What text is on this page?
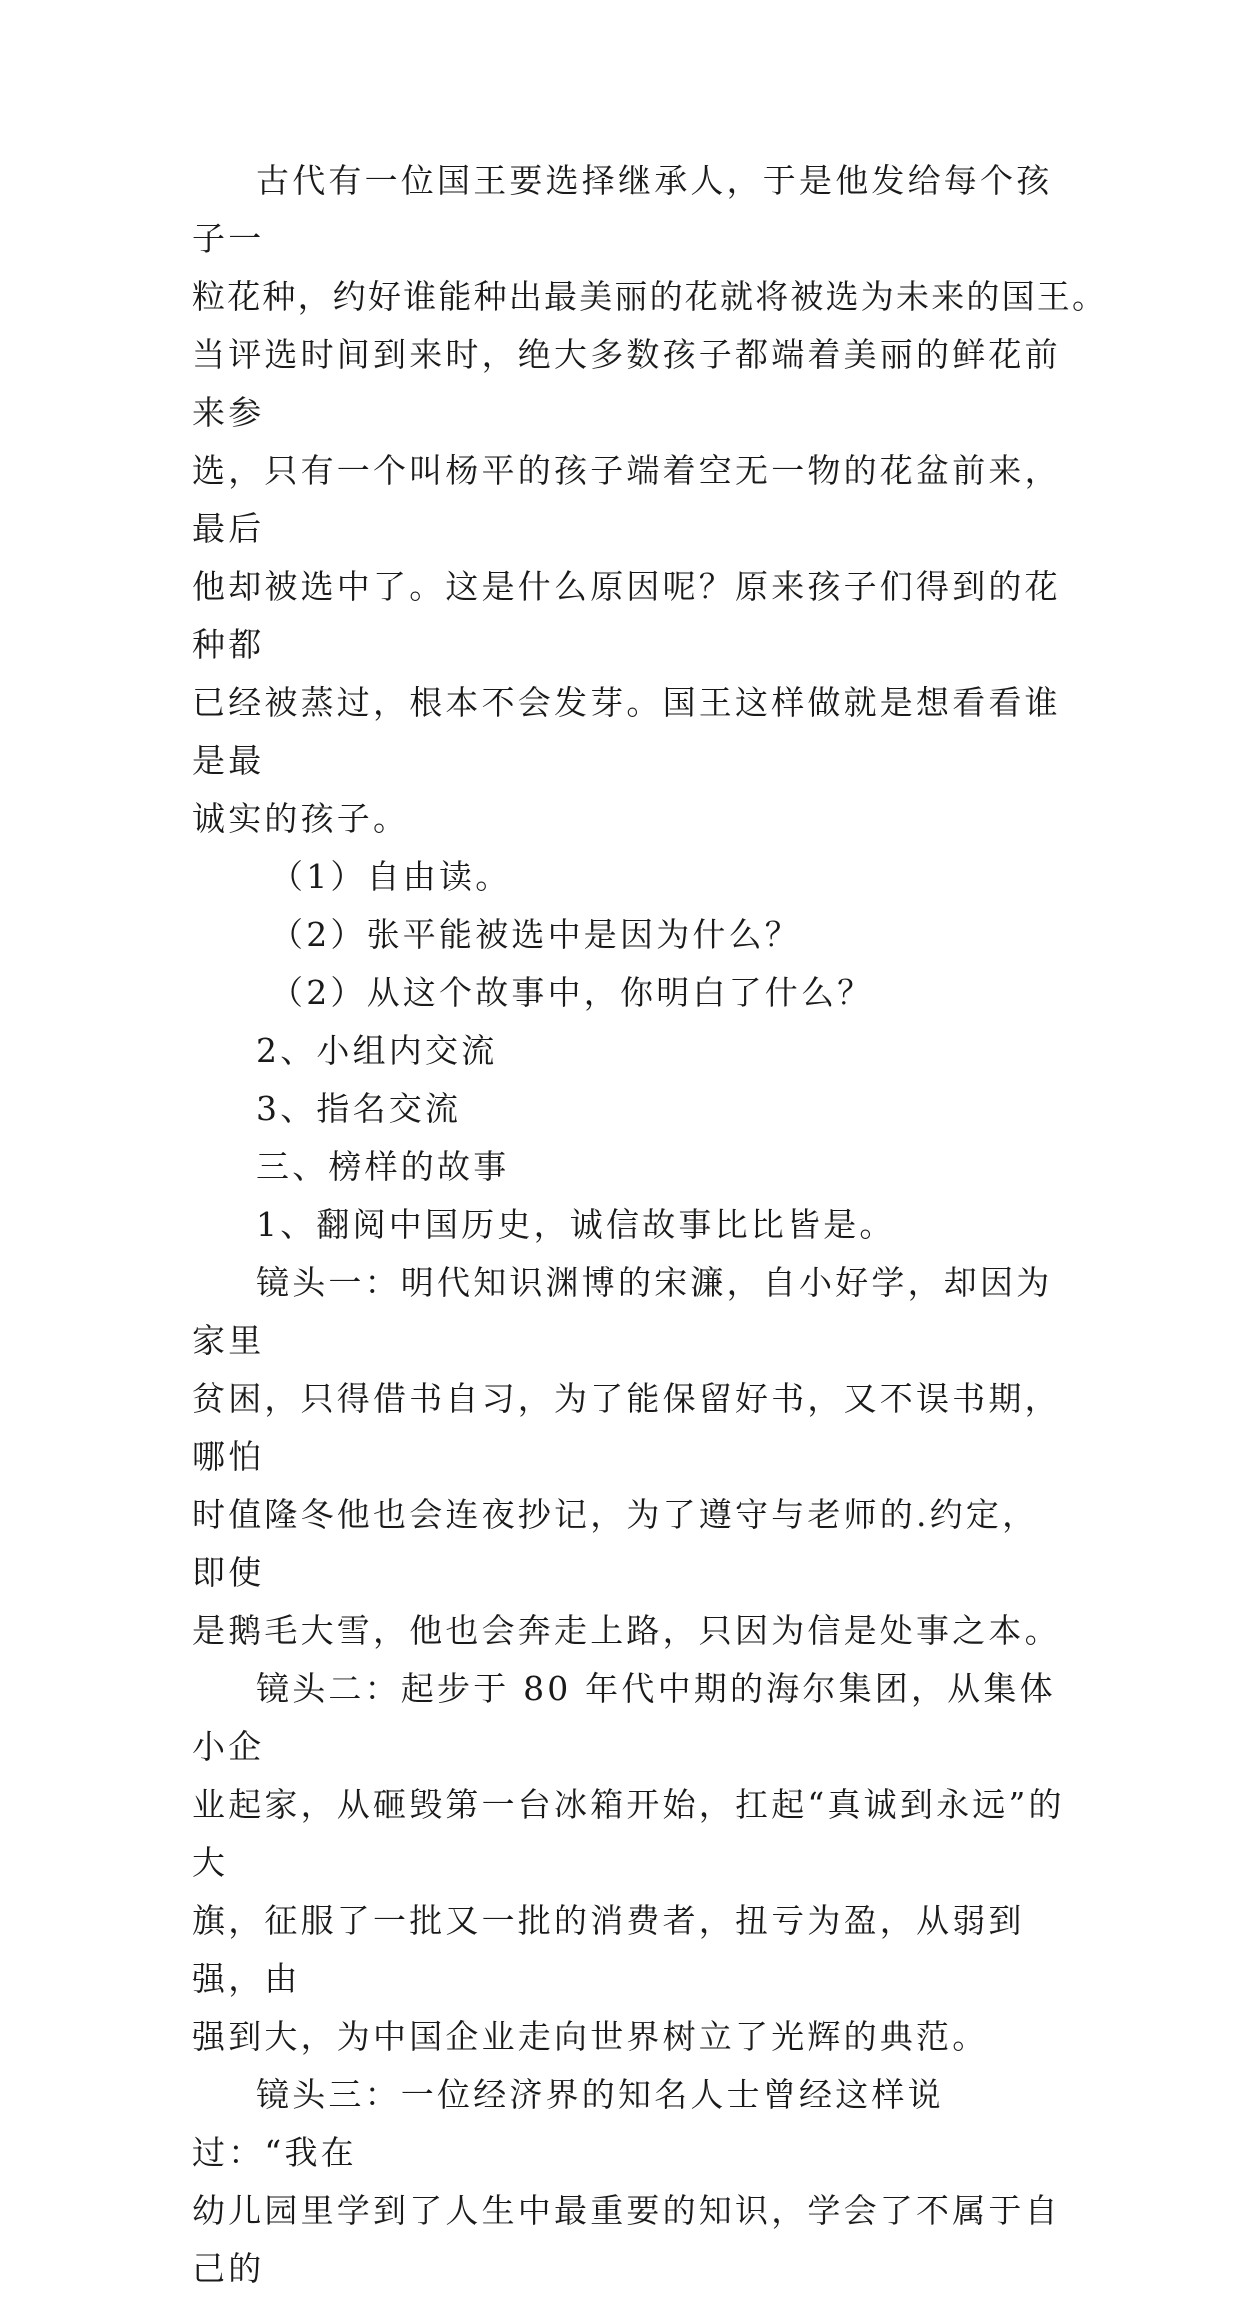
古代有一位国王要选择继承人，于是他发给每个孩子一

粒花种，约好谁能种出最美丽的花就将被选为未来的国王。

当评选时间到来时，绝大多数孩子都端着美丽的鲜花前来参

选，只有一个叫杨平的孩子端着空无一物的花盆前来，最后

他却被选中了。这是什么原因呢？原来孩子们得到的花种都

已经被蒸过，根本不会发芽。国王这样做就是想看看谁是最

诚实的孩子。

（1）自由读。

（2）张平能被选中是因为什么？

（2）从这个故事中，你明白了什么？

2、小组内交流

3、指名交流

三、榜样的故事

1、翻阅中国历史，诚信故事比比皆是。

镜头一：明代知识渊博的宋濂，自小好学，却因为家里

贫困，只得借书自习，为了能保留好书，又不误书期，哪怕

时值隆冬他也会连夜抄记，为了遵守与老师的.约定，即使

是鹅毛大雪，他也会奔走上路，只因为信是处事之本。

镜头二：起步于 80 年代中期的海尔集团，从集体小企

业起家，从砸毁第一台冰箱开始，扛起“真诚到永远”的大

旗，征服了一批又一批的消费者，扭亏为盈，从弱到强，由

强到大，为中国企业走向世界树立了光辉的典范。

镜头三：一位经济界的知名人士曾经这样说过：“我在

幼儿园里学到了人生中最重要的知识，学会了不属于自己的
